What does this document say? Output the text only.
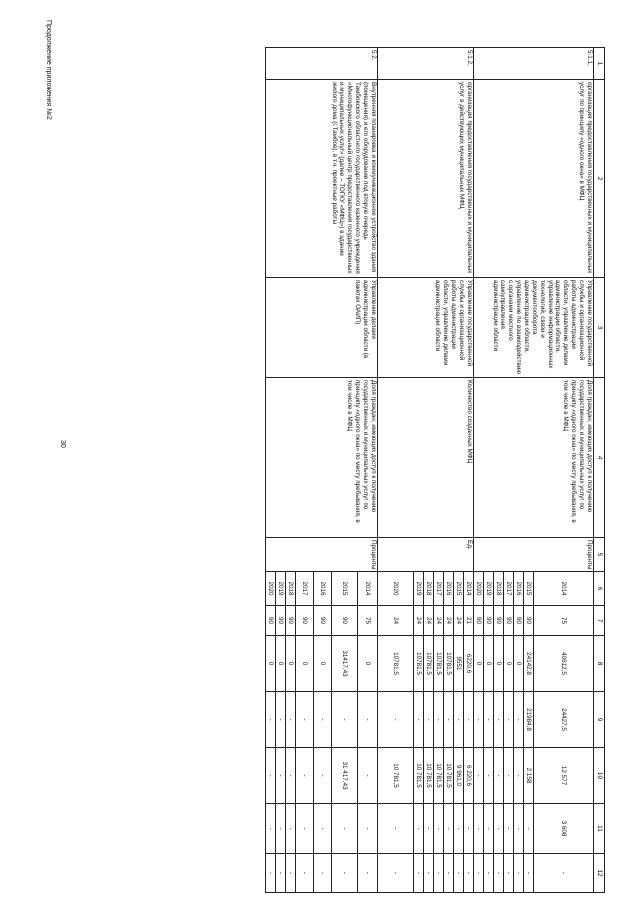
30
Продолжение приложения №2	1	2	3	4	5	6	7	8	9	10	11	12
5.1.1.	организация предоставления государственных и муниципальных услуг по принципу «одного окна» в МФЦ	Управление государственной службы и организационной работы администрации области, управление делами администрации области, управление информационных технологий, связи и документооборота администрации области, управление по взаимодействию с органами местного самоуправления администрации области	Доля граждан, имеющих доступ к получению государственных и муниципальных услуг по принципу «одного окна» по месту пребывания, в том числе в МФЦ	Проценты	2014	75	40612,5	24427,5	12 577	3 608	-
					2015	90	24142,8	21984,8	2 158	-	-
					2016	90	0	-	-	-	-
					2017	90	0	-	-	-	-
					2018	90	0	-	-	-	-
					2019	90	0	-	-	-	-
					2020	90	0	-	-	-	-
5.1.2.	организация предоставления государственных и муниципальных услуг в действующих муниципальных МФЦ	Управление государственной службы и организационной работы администрации области, управление делами администрации области	Количество созданных МФЦ	Ед.	2014	21	6220,6	-	6 220,6	-	-
					2015	24	9551	-	9 961,0	-	-
					2016	24	10781,5	-	10 781,5	-	-
					2017	24	10781,5	-	10 781,5	-	-
					2018	24	10781,5	-	10 781,5	-	-
					2019	24	10781,5	-	10 781,5	-	-
					2020	24	10781,5	-	10 781,5	-	-
5.2.	Внутренняя планировка и коммуникационное устройство здания (помещения) и его оборудование под вторую очередь Тамбовского областного государственного казенного учреждения «Многофункциональный центр предоставления государственных и муниципальных услуг» (далее – ТОГКУ «МФЦ») в здании жилого дома (г.Тамбов), в т.ч. проектные работы	Управление делами администрации области (в пакетах ОАИП)	Доля граждан, имеющих доступ к получению государственных и муниципальных услуг по принципу «одного окна» по месту пребывания, в том числе в МФЦ	Проценты	2014	75	0	-	-	-	-
					2015	90	31417,43	-	31 417,43	-	-
					2016	90	0	-	-	-	-
					2017	90	0	-	-	-	-
					2018	90	0	-	-	-	-
					2019	90	0	-	-	-	-
					2020	90	0	-	-	-	-
